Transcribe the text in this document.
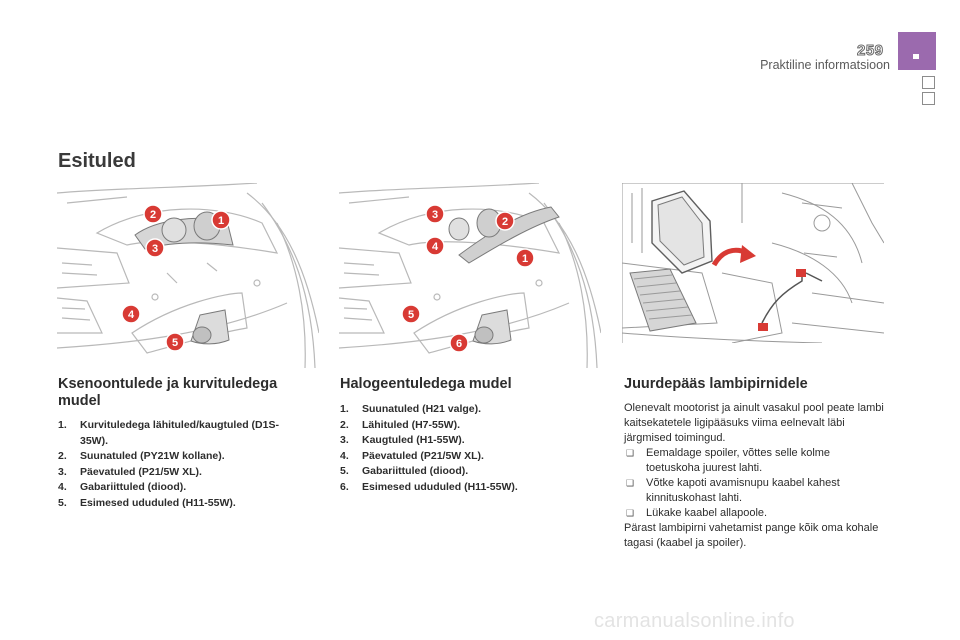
259
Praktiline informatsioon
Esituled
1
2
3
4
5
1
2
3
4
5
6
Ksenoontulede ja kurvituledega mudel
1. Kurvituledega lähituled/kaugtuled (D1S-35W).
2. Suunatuled (PY21W kollane).
3. Päevatuled (P21/5W XL).
4. Gabariittuled (diood).
5. Esimesed ududuled (H11-55W).
Halogeentuledega mudel
1. Suunatuled (H21 valge).
2. Lähituled (H7-55W).
3. Kaugtuled (H1-55W).
4. Päevatuled (P21/5W XL).
5. Gabariittuled (diood).
6. Esimesed ududuled (H11-55W).
Juurdepääs lambipirnidele

Olenevalt mootorist ja ainult vasakul pool peate lambi kaitsekatetele ligipääsuks viima eelnevalt läbi järgmised toimingud.

❑ Eemaldage spoiler, võttes selle kolme toetuskoha juurest lahti.
❑ Võtke kapoti avamisnupu kaabel kahest kinnituskohast lahti.
❑ Lükake kaabel allapoole.

Pärast lambipirni vahetamist pange kõik oma kohale tagasi (kaabel ja spoiler).

carmanualsonline.info
